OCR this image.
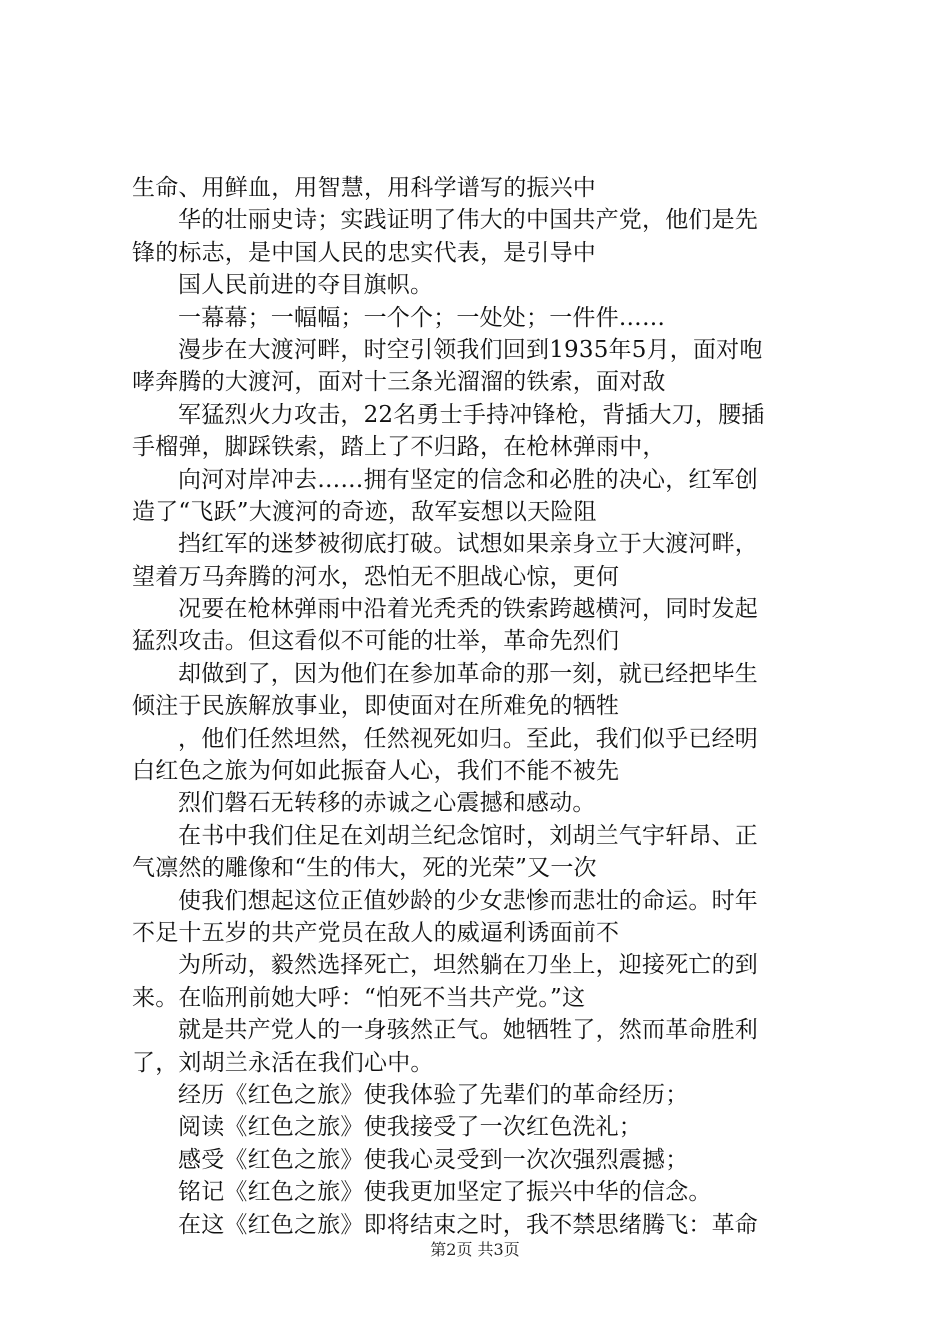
生命、用鲜血，用智慧，用科学谱写的振兴中
华的壮丽史诗；实践证明了伟大的中国共产党，他们是先
锋的标志，是中国人民的忠实代表，是引导中
国人民前进的夺目旗帜。
一幕幕；一幅幅；一个个；一处处；一件件……
漫步在大渡河畔，时空引领我们回到1935年5月，面对咆
哮奔腾的大渡河，面对十三条光溜溜的铁索，面对敌
军猛烈火力攻击，22名勇士手持冲锋枪，背插大刀，腰插
手榴弹，脚踩铁索，踏上了不归路，在枪林弹雨中，
向河对岸冲去……拥有坚定的信念和必胜的决心，红军创
造了“飞跃”大渡河的奇迹，敌军妄想以天险阻
挡红军的迷梦被彻底打破。试想如果亲身立于大渡河畔，
望着万马奔腾的河水，恐怕无不胆战心惊，更何
况要在枪林弹雨中沿着光秃秃的铁索跨越横河，同时发起
猛烈攻击。但这看似不可能的壮举，革命先烈们
却做到了，因为他们在参加革命的那一刻，就已经把毕生
倾注于民族解放事业，即使面对在所难免的牺牲
，他们任然坦然，任然视死如归。至此，我们似乎已经明
白红色之旅为何如此振奋人心，我们不能不被先
烈们磐石无转移的赤诚之心震撼和感动。
在书中我们住足在刘胡兰纪念馆时，刘胡兰气宇轩昂、正
气凛然的雕像和“生的伟大，死的光荣”又一次
使我们想起这位正值妙龄的少女悲惨而悲壮的命运。时年
不足十五岁的共产党员在敌人的威逼利诱面前不
为所动，毅然选择死亡，坦然躺在刀坐上，迎接死亡的到
来。在临刑前她大呼：“怕死不当共产党。”这
就是共产党人的一身骇然正气。她牺牲了，然而革命胜利
了，刘胡兰永活在我们心中。
经历《红色之旅》使我体验了先辈们的革命经历；
阅读《红色之旅》使我接受了一次红色洗礼；
感受《红色之旅》使我心灵受到一次次强烈震撼；
铭记《红色之旅》使我更加坚定了振兴中华的信念。
在这《红色之旅》即将结束之时，我不禁思绪腾飞：革命
第2页 共3页
